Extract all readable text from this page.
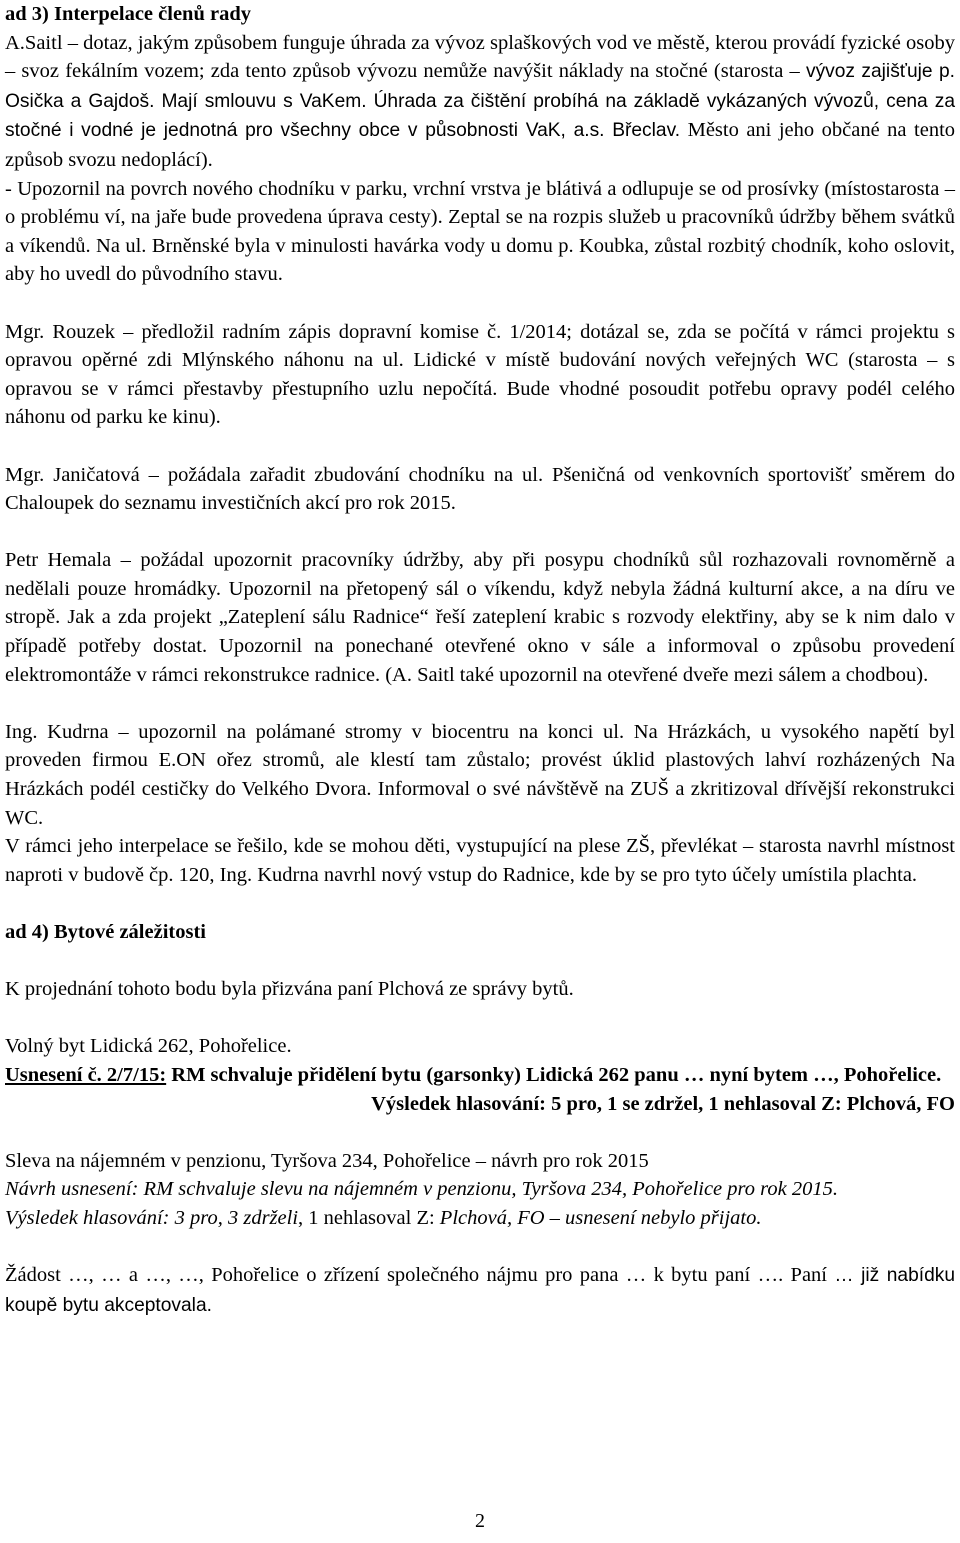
ad 3) Interpelace členů rady

A.Saitl – dotaz, jakým způsobem funguje úhrada za vývoz splaškových vod ve městě, kterou provádí fyzické osoby – svoz fekálním vozem; zda tento způsob vývozu nemůže navýšit náklady na stočné (starosta – vývoz zajišťuje p. Osička a Gajdoš. Mají smlouvu s VaKem. Úhrada za čištění probíhá na základě vykázaných vývozů, cena za stočné i vodné je jednotná pro všechny obce v působnosti VaK, a.s. Břeclav. Město ani jeho občané na tento způsob svozu nedoplácí).

- Upozornil na povrch nového chodníku v parku, vrchní vrstva je blátivá a odlupuje se od prosívky (místostarosta – o problému ví, na jaře bude provedena úprava cesty). Zeptal se na rozpis služeb u pracovníků údržby během svátků a víkendů. Na ul. Brněnské byla v minulosti havárka vody u domu p. Koubka, zůstal rozbitý chodník, koho oslovit, aby ho uvedl do původního stavu.

Mgr. Rouzek – předložil radním zápis dopravní komise č. 1/2014; dotázal se, zda se počítá v rámci projektu s opravou opěrné zdi Mlýnského náhonu na ul. Lidické v místě budování nových veřejných WC (starosta – s opravou se v rámci přestavby přestupního uzlu nepočítá. Bude vhodné posoudit potřebu opravy podél celého náhonu od parku ke kinu).

Mgr. Janičatová – požádala zařadit zbudování chodníku na ul. Pšeničná od venkovních sportovišť směrem do Chaloupek do seznamu investičních akcí pro rok 2015.

Petr Hemala – požádal upozornit pracovníky údržby, aby při posypu chodníků sůl rozhazovali rovnoměrně a nedělali pouze hromádky. Upozornil na přetopený sál o víkendu, když nebyla žádná kulturní akce, a na díru ve stropě. Jak a zda projekt „Zateplení sálu Radnice“ řeší zateplení krabic s rozvody elektřiny, aby se k nim dalo v případě potřeby dostat. Upozornil na ponechané otevřené okno v sále a informoval o způsobu provedení elektromontáže v rámci rekonstrukce radnice. (A. Saitl také upozornil na otevřené dveře mezi sálem a chodbou).

Ing. Kudrna – upozornil na polámané stromy v biocentru na konci ul. Na Hrázkách, u vysokého napětí byl proveden firmou E.ON ořez stromů, ale klestí tam zůstalo; provést úklid plastových lahví rozházených Na Hrázkách podél cestičky do Velkého Dvora. Informoval o své návštěvě na ZUŠ a zkritizoval dřívější rekonstrukci WC.

V rámci jeho interpelace se řešilo, kde se mohou děti, vystupující na plese ZŠ, převlékat – starosta navrhl místnost naproti v budově čp. 120, Ing. Kudrna navrhl nový vstup do Radnice, kde by se pro tyto účely umístila plachta.

ad 4) Bytové záležitosti

K projednání tohoto bodu byla přizvána paní Plchová ze správy bytů.

Volný byt Lidická 262, Pohořelice.

Usnesení č. 2/7/15: RM schvaluje přidělení bytu (garsonky) Lidická 262 panu … nyní bytem …, Pohořelice.

Výsledek hlasování: 5 pro, 1 se zdržel, 1 nehlasoval Z: Plchová, FO

Sleva na nájemném v penzionu, Tyršova 234, Pohořelice – návrh pro rok 2015

Návrh usnesení: RM schvaluje slevu na nájemném v penzionu, Tyršova 234, Pohořelice pro rok 2015.

Výsledek hlasování: 3 pro, 3 zdrželi, 1 nehlasoval Z: Plchová, FO – usnesení nebylo přijato.

Žádost …, … a …, …, Pohořelice o zřízení společného nájmu pro pana … k bytu paní …. Paní … již nabídku koupě bytu akceptovala.

2
